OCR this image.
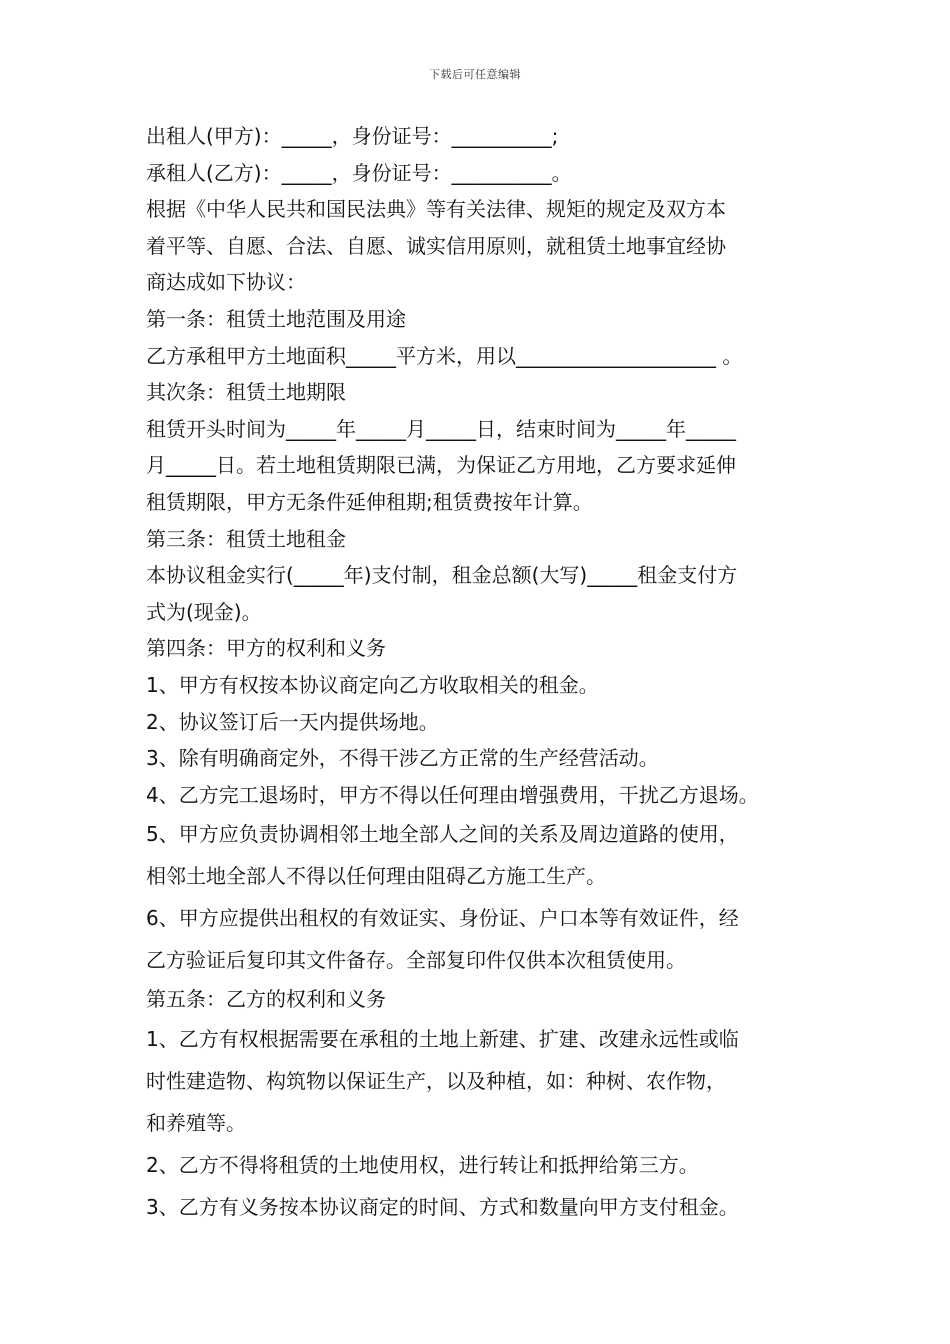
下载后可任意编辑
出租人(甲方)：_____，身份证号：__________;
承租人(乙方)：_____，身份证号：__________。
根据《中华人民共和国民法典》等有关法律、规矩的规定及双方本
着平等、自愿、合法、自愿、诚实信用原则，就租赁土地事宜经协
商达成如下协议：
第一条：租赁土地范围及用途
乙方承租甲方土地面积_____平方米，用以____________________ 。
其次条：租赁土地期限
租赁开头时间为_____年_____月_____日，结束时间为_____年_____
月_____日。若土地租赁期限已满，为保证乙方用地，乙方要求延伸
租赁期限，甲方无条件延伸租期;租赁费按年计算。
第三条：租赁土地租金
本协议租金实行(_____年)支付制，租金总额(大写)_____租金支付方
式为(现金)。
第四条：甲方的权利和义务
1、甲方有权按本协议商定向乙方收取相关的租金。
2、协议签订后一天内提供场地。
3、除有明确商定外，不得干涉乙方正常的生产经营活动。
4、乙方完工退场时，甲方不得以任何理由增强费用，干扰乙方退场。
5、甲方应负责协调相邻土地全部人之间的关系及周边道路的使用，
相邻土地全部人不得以任何理由阻碍乙方施工生产。
6、甲方应提供出租权的有效证实、身份证、户口本等有效证件，经
乙方验证后复印其文件备存。全部复印件仅供本次租赁使用。
第五条：乙方的权利和义务
1、乙方有权根据需要在承租的土地上新建、扩建、改建永远性或临
时性建造物、构筑物以保证生产，以及种植，如：种树、农作物，
和养殖等。
2、乙方不得将租赁的土地使用权，进行转让和抵押给第三方。
3、乙方有义务按本协议商定的时间、方式和数量向甲方支付租金。
